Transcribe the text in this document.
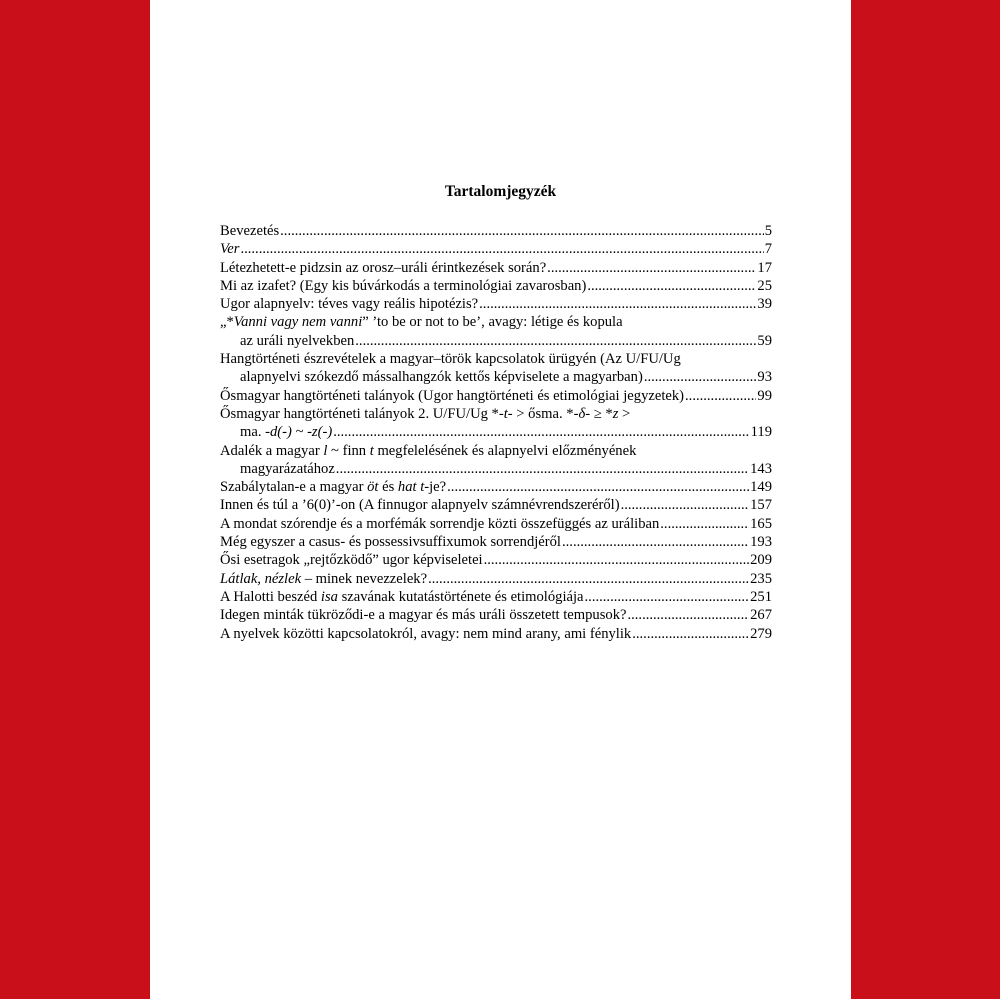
Tartalomjegyzék
Bevezetés .....	5
Ver .....	7
Létezhetett-e pidzsin az orosz–uráli érintkezések során? .....	17
Mi az izafet? (Egy kis búvárkodás a terminológiai zavarosban) .....	25
Ugor alapnyelv: téves vagy reális hipotézis? .....	39
„*Vanni vagy nem vanni” ’to be or not to be’, avagy: létige és kopula
az uráli nyelvekben .....	59
Hangtörténeti észrevételek a magyar–török kapcsolatok ürügyén (Az U/FU/Ug
alapnyelvi szókezdő mássalhangzók kettős képviselete a magyarban) .....	93
Ősmagyar hangtörténeti talányok (Ugor hangtörténeti és etimológiai jegyzetek) .....	99
Ősmagyar hangtörténeti talányok 2. U/FU/Ug *-t- > ősma. *-δ- ≥ *z >
ma. -d(-) ~ -z(-) .....	119
Adalék a magyar l ~ finn t megfelelésének és alapnyelvi előzményének
magyarázatához .....	143
Szabálytalan-e a magyar öt és hat t-je? .....	149
Innen és túl a ’6(0)’-on (A finnugor alapnyelv számnévrendszeréről) .....	157
A mondat szórendje és a morfémák sorrendje közti összefüggés az uráliban .....	165
Még egyszer a casus- és possessivsuffixumok sorrendjéről .....	193
Ősi esetragok „rejtőzködő” ugor képviseletei .....	209
Látlak, nézlek – minek nevezzelek? .....	235
A Halotti beszéd isa szavának kutatástörténete és etimológiája .....	251
Idegen minták tükröződi-e a magyar és más uráli összetett tempusok? .....	267
A nyelvek közötti kapcsolatokról, avagy: nem mind arany, ami fénylik .....	279
